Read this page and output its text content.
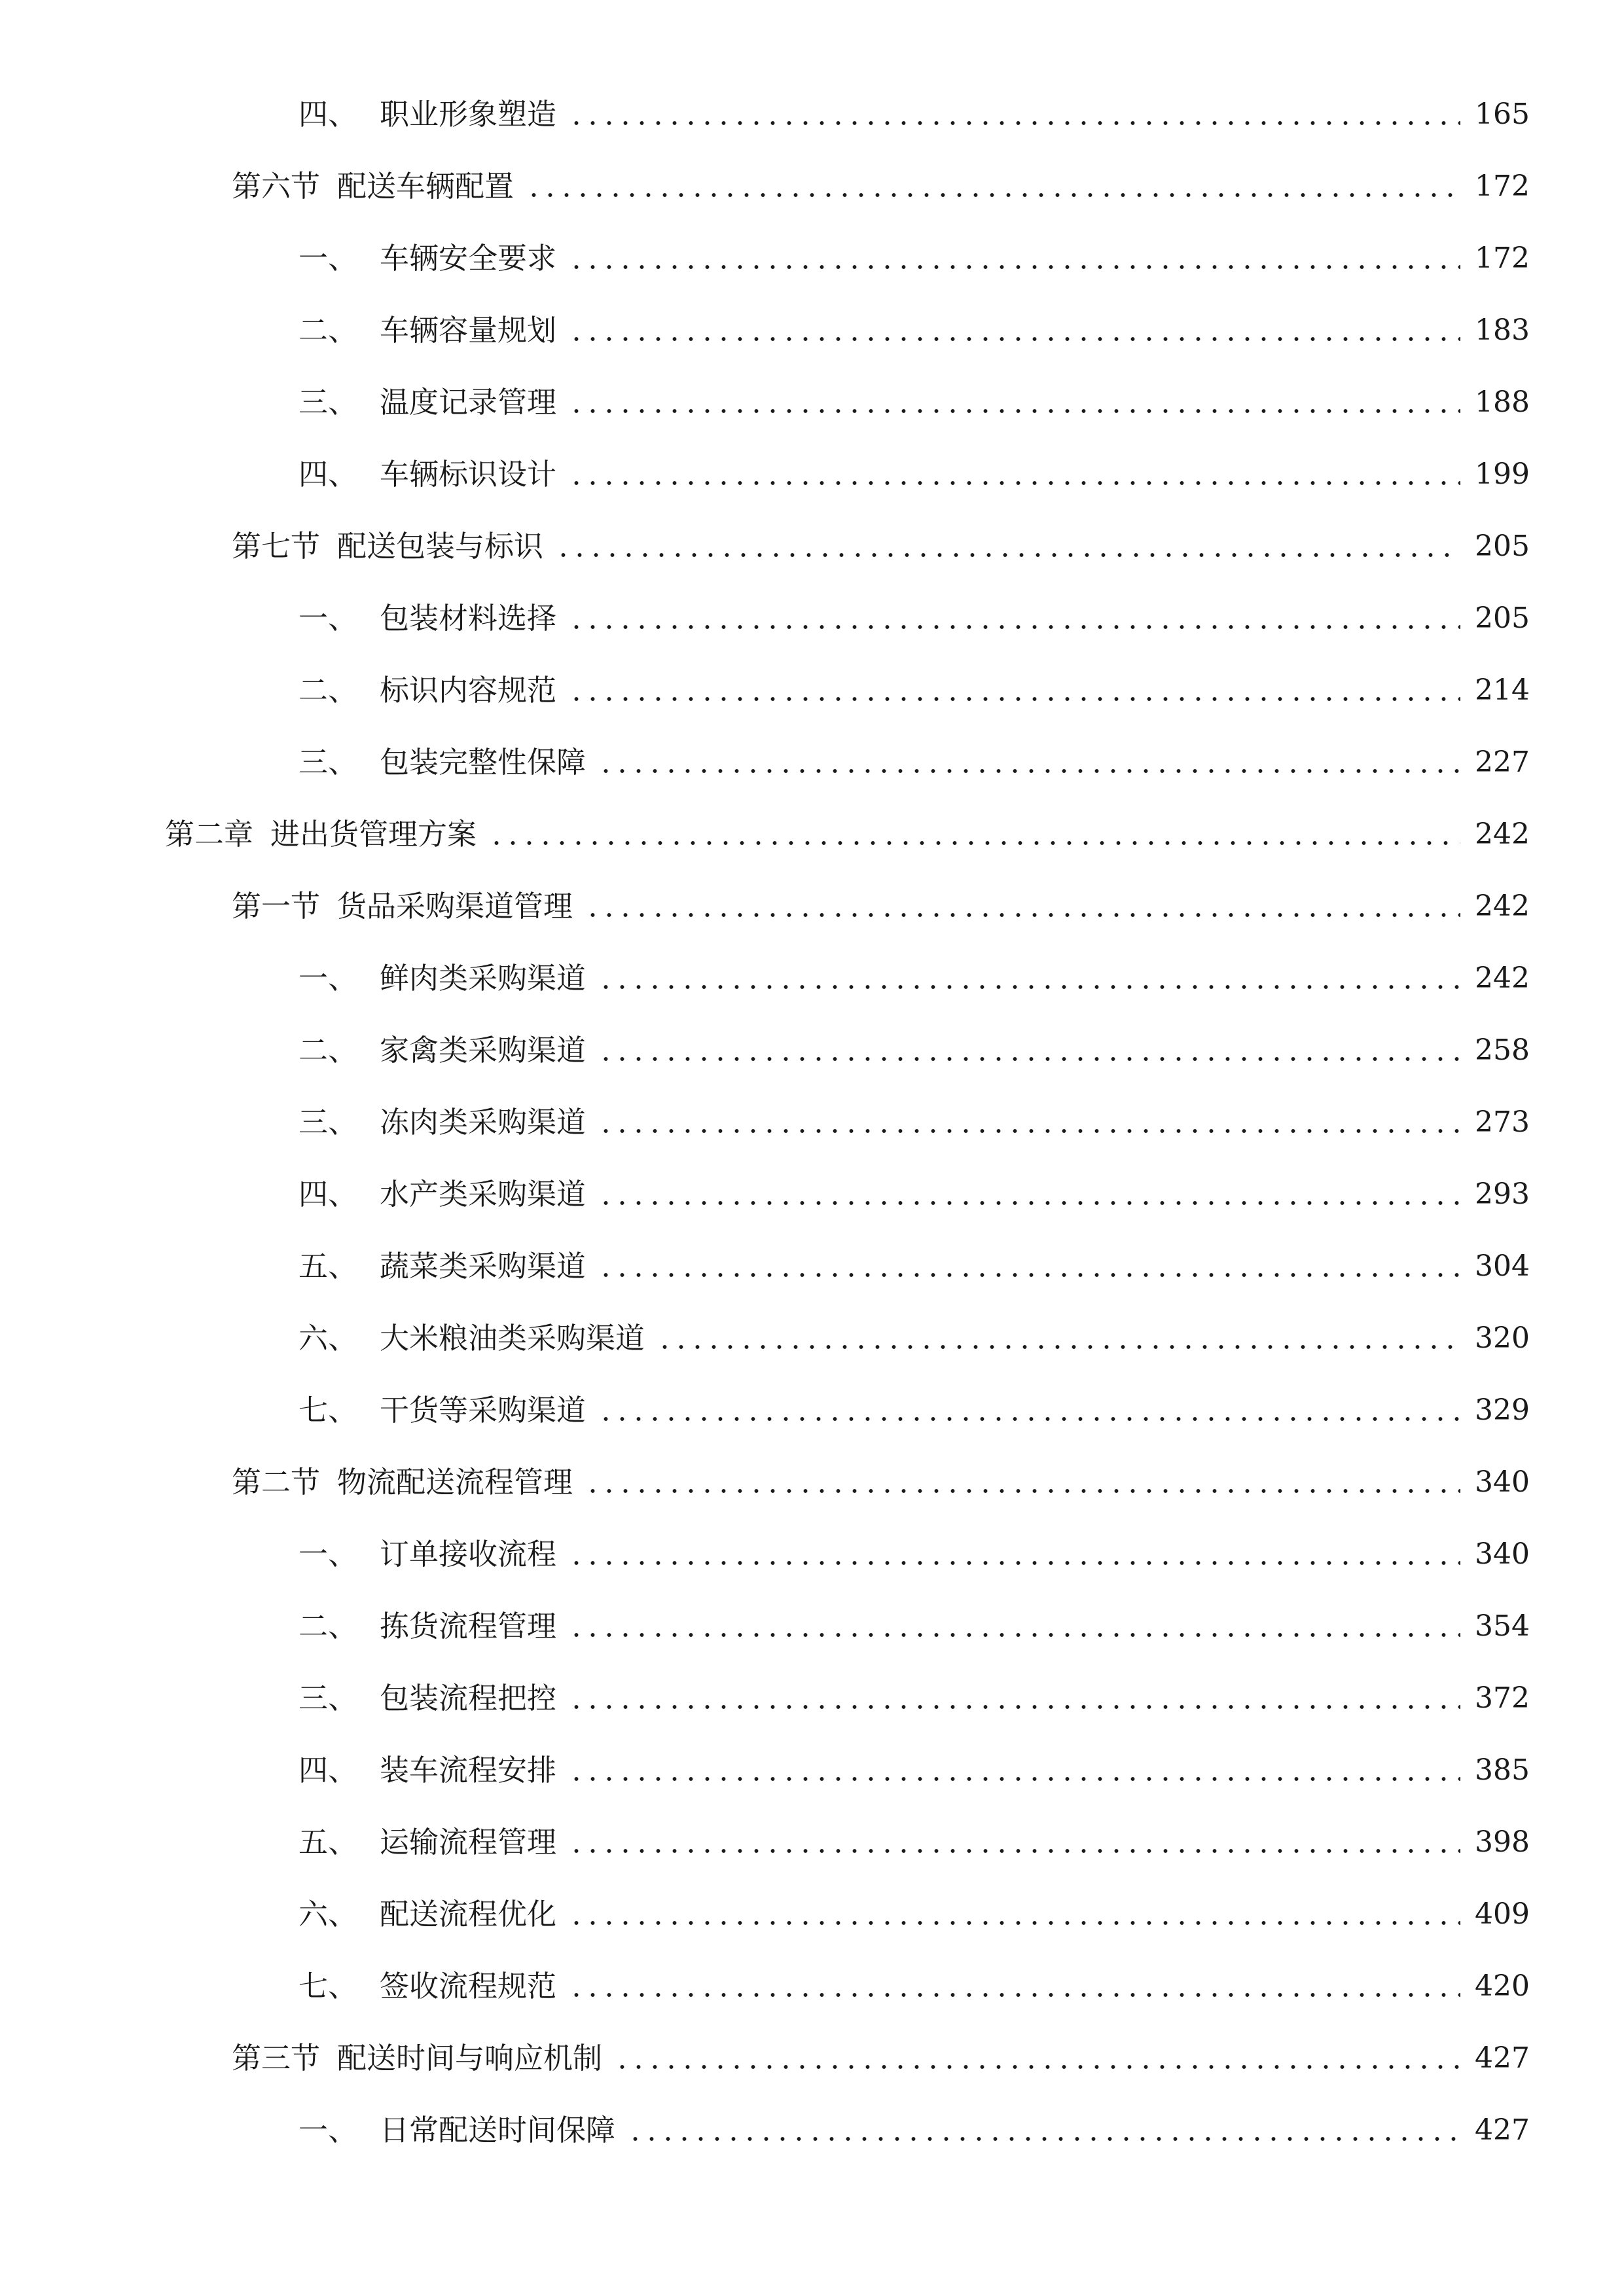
四、 职业形象塑造	165
第六节 配送车辆配置	172
一、 车辆安全要求	172
二、 车辆容量规划	183
三、 温度记录管理	188
四、 车辆标识设计	199
第七节 配送包装与标识	205
一、 包装材料选择	205
二、 标识内容规范	214
三、 包装完整性保障	227
第二章 进出货管理方案	242
第一节 货品采购渠道管理	242
一、 鲜肉类采购渠道	242
二、 家禽类采购渠道	258
三、 冻肉类采购渠道	273
四、 水产类采购渠道	293
五、 蔬菜类采购渠道	304
六、 大米粮油类采购渠道	320
七、 干货等采购渠道	329
第二节 物流配送流程管理	340
一、 订单接收流程	340
二、 拣货流程管理	354
三、 包装流程把控	372
四、 装车流程安排	385
五、 运输流程管理	398
六、 配送流程优化	409
七、 签收流程规范	420
第三节 配送时间与响应机制	427
一、 日常配送时间保障	427
